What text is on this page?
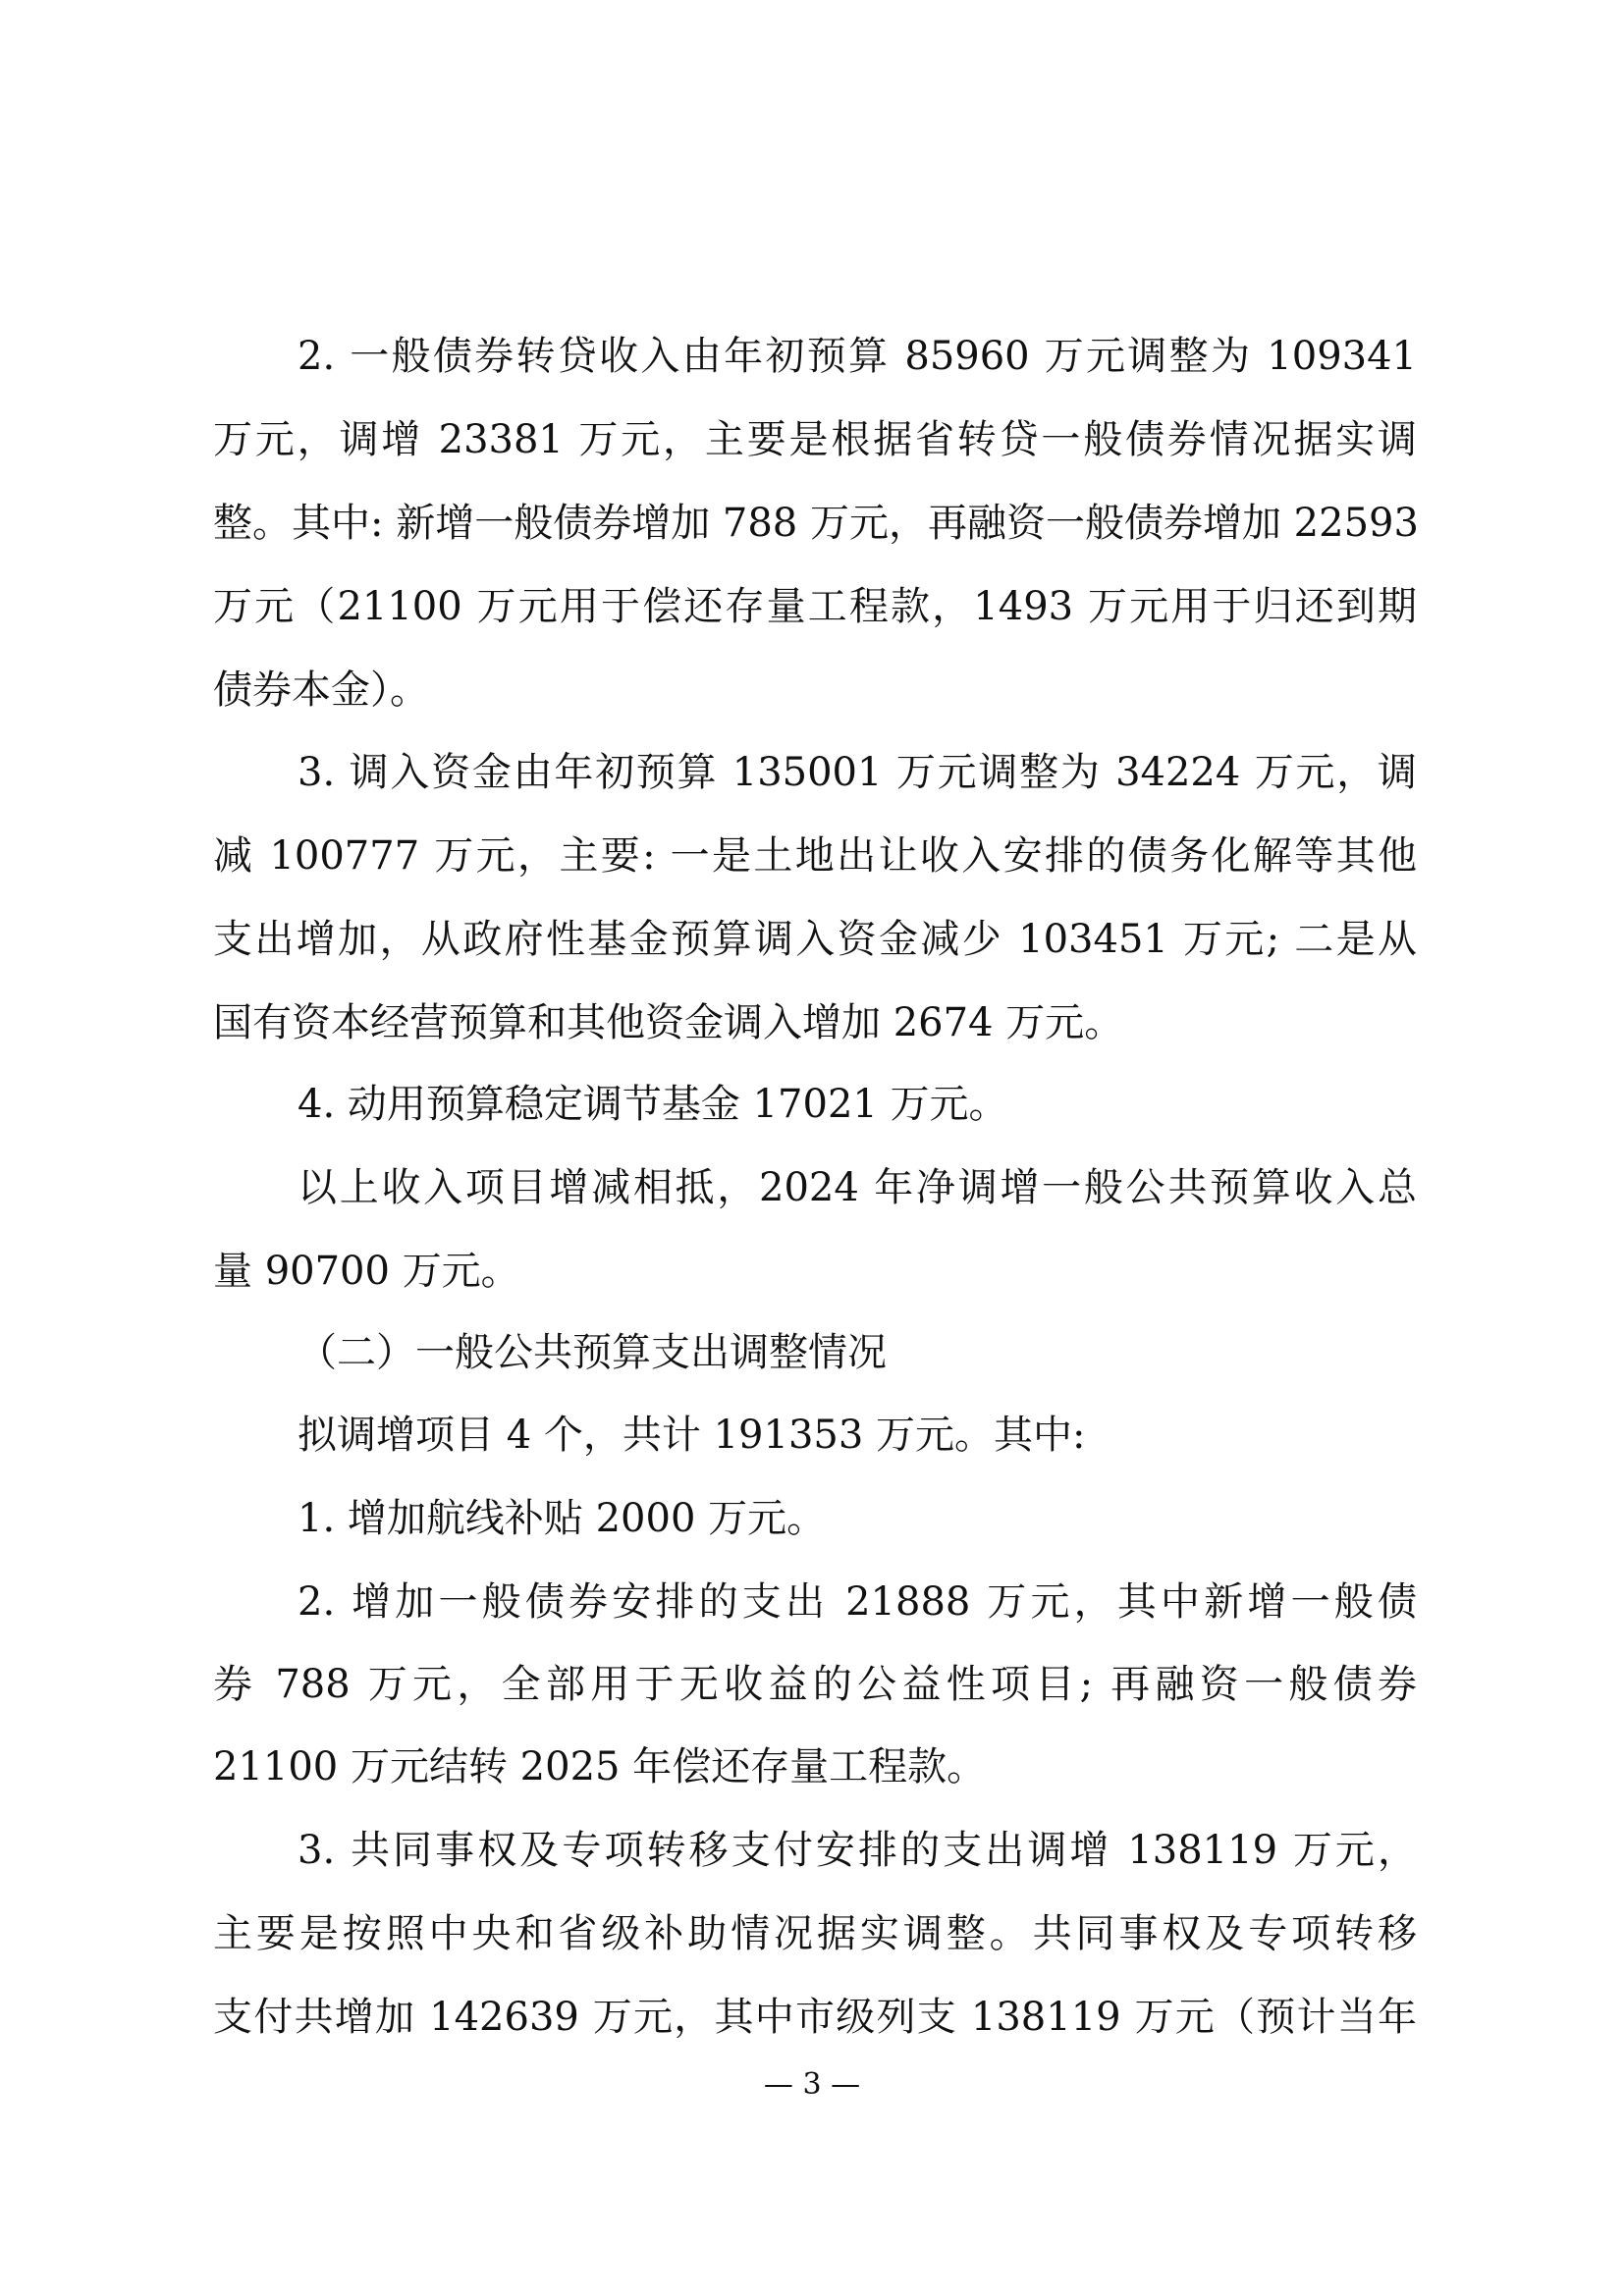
2. 一般债券转贷收入由年初预算 85960 万元调整为 109341
万元，调增 23381 万元，主要是根据省转贷一般债券情况据实调
整。其中: 新增一般债券增加 788 万元，再融资一般债券增加 22593
万元（21100 万元用于偿还存量工程款，1493 万元用于归还到期
债券本金）。
3. 调入资金由年初预算 135001 万元调整为 34224 万元，调
减 100777 万元，主要: 一是土地出让收入安排的债务化解等其他
支出增加，从政府性基金预算调入资金减少 103451 万元; 二是从
国有资本经营预算和其他资金调入增加 2674 万元。
4. 动用预算稳定调节基金 17021 万元。
以上收入项目增减相抵，2024 年净调增一般公共预算收入总
量 90700 万元。
（二）一般公共预算支出调整情况
拟调增项目 4 个，共计 191353 万元。其中:
1. 增加航线补贴 2000 万元。
2. 增加一般债券安排的支出 21888 万元，其中新增一般债
券 788 万元，全部用于无收益的公益性项目; 再融资一般债券
21100 万元结转 2025 年偿还存量工程款。
3. 共同事权及专项转移支付安排的支出调增 138119 万元，
主要是按照中央和省级补助情况据实调整。共同事权及专项转移
支付共增加 142639 万元，其中市级列支 138119 万元（预计当年
— 3 —
